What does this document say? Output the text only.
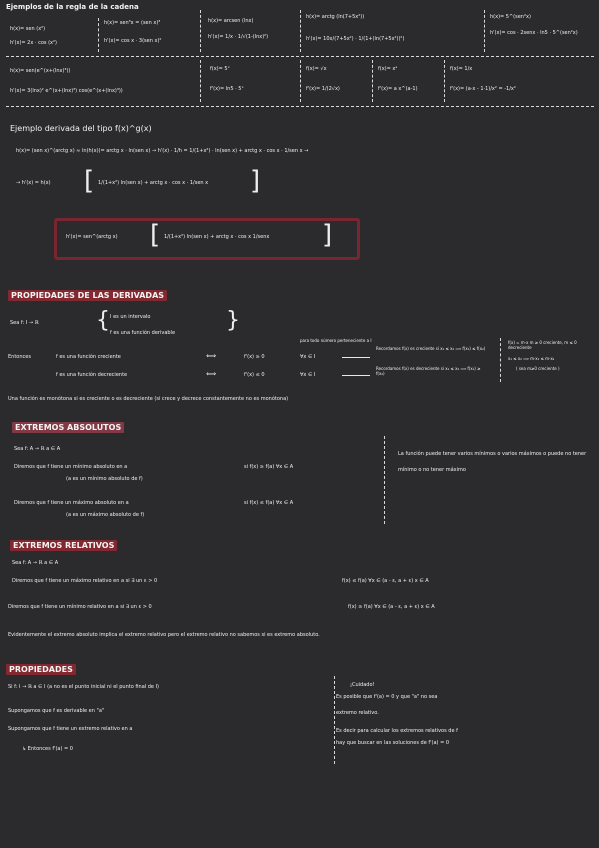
Ejemplos de la regla de la cadena
h(x)= sen (x²)
h'(x)= 2x · cos (x²)
h(x)= sen³x = (sen x)³
h'(x)= cos x · 3(sen x)²
h(x)= arcsen (lnx)
h'(x)= 1/x · 1/√(1-(lnx)²)
h(x)= arctg (ln(7+5x²))
h'(x)= 10x/(7+5x²) · 1/(1+(ln(7+5x²))²)
h(x)= 5^(sen²x)
h'(x)= cos · 2senx · ln5 · 5^(sen²x)
h(x)= sen(e^(x+(lnx)³))
h'(x)= 3(lnx)² e^(x+(lnx)³) cos(e^(x+(lnx)³))
f(x)= 5ˣ
f'(x)= ln5 · 5ˣ
f(x)= √x
f'(x)= 1/(2√x)
f(x)= xᵃ
f'(x)= a x^(a-1)
f(x)= 1/x
f'(x)= (a·x - 1·1)/x² = -1/x²
Ejemplo derivada del tipo f(x)^g(x)
h(x)= (sen x)^(arctg x) ≈ ln(h(x))= arctg x · ln(sen x) → h'(x) · 1/h = 1/(1+x²) · ln(sen x) + arctg x · cos x · 1/sen x →
→ h'(x) = h(x) [ 1/(1+x²) ln(sen x) + arctg x · cos x · 1/sen x ]
h'(x)= sen^(arctg x) [ 1/(1+x²) ln(sen x) + arctg x · cos x 1/senx ]
PROPIEDADES DE LAS DERIVADAS
Sea f: I → ℝ	{ I es un intervalo
f es una función derivable }
para todo número perteneciente a I
Entonces	f es una función creciente	⟺	f'(x) ≥ 0	∀x ∈ I
Recordamos f(x) es creciente si x₁ ≤ x₂ ⟹ f(x₁) ≤ f(x₂)
f es una función decreciente	⟺	f'(x) ≤ 0	∀x ∈ I
Recordamos f(x) es decreciente si x₁ ≤ x₂ ⟹ f(x₁) ≥ f(x₂)
f(x) = m·x m ≥ 0 creciente, m ≤ 0 decreciente
x₁ ≤ x₂ ⟹ m·x₁ ≤ m·x₂
( sea m≥0 creciente )
Una función es monótona si es creciente o es decreciente (si crece y decrece constantemente no es monótona)
EXTREMOS ABSOLUTOS
Sea f: A → ℝ a ∈ A
Diremos que f tiene un mínimo absoluto en a
(a es un mínimo absoluto de f)
si f(x) ≥ f(a) ∀x ∈ A
Diremos que f tiene un máximo absoluto en a
(a es un máximo absoluto de f)
si f(x) ≤ f(a) ∀x ∈ A
La función puede tener varios mínimos o varios máximos o puede no tener mínimo o no tener máximo
EXTREMOS RELATIVOS
Sea f: A → ℝ a ∈ A
Diremos que f tiene un máximo relativo en a si ∃ un ε > 0	f(x) ≤ f(a) ∀x ∈ (a - ε, a + ε) x ∈ A
Diremos que f tiene un mínimo relativo en a si ∃ un ε > 0	f(x) ≥ f(a) ∀x ∈ (a - ε, a + ε) x ∈ A
Evidentemente el extremo absoluto implica el extremo relativo pero el extremo relativo no sabemos si es extremo absoluto.
PROPIEDADES
Si f: I → ℝ a ∈ I (a no es el punto inicial ni el punto final de I)
Supongamos que f es derivable en "a"
Supongamos que f tiene un extremo relativo en a
↳ Entonces f'(a) = 0
¡Cuidado!
Es posible que f'(a) = 0 y que "a" no sea
extremo relativo.
Es decir para calcular los extremos relativos de f
hay que buscar en las soluciones de f'(a) = 0
